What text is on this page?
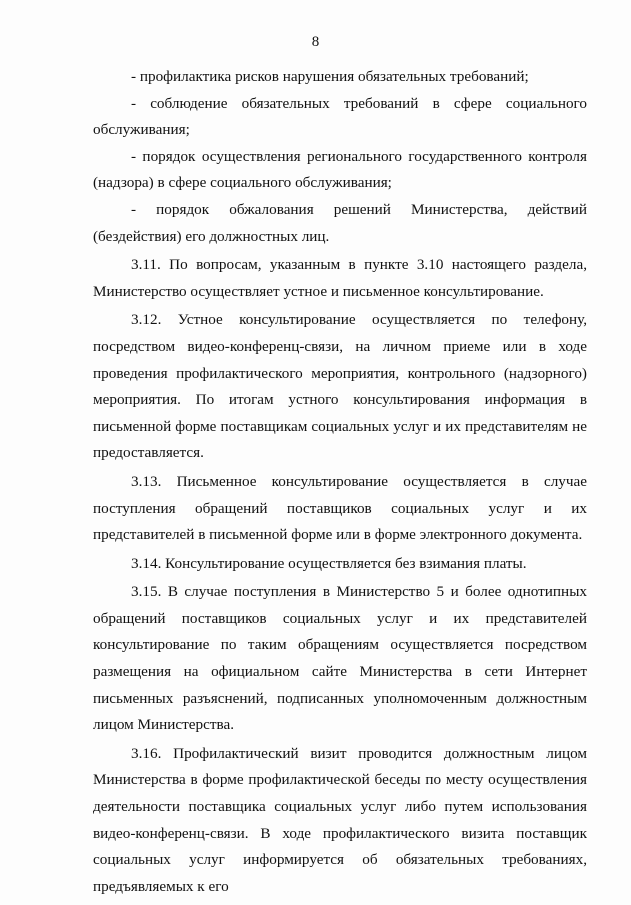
8

- профилактика рисков нарушения обязательных требований;

- соблюдение обязательных требований в сфере социального обслуживания;

- порядок осуществления регионального государственного контроля (надзора) в сфере социального обслуживания;

- порядок обжалования решений Министерства, действий (бездействия) его должностных лиц.

3.11. По вопросам, указанным в пункте 3.10 настоящего раздела, Министерство осуществляет устное и письменное консультирование.

3.12. Устное консультирование осуществляется по телефону, посредством видео-конференц-связи, на личном приеме или в ходе проведения профилактического мероприятия, контрольного (надзорного) мероприятия. По итогам устного консультирования информация в письменной форме поставщикам социальных услуг и их представителям не предоставляется.

3.13. Письменное консультирование осуществляется в случае поступления обращений поставщиков социальных услуг и их представителей в письменной форме или в форме электронного документа.

3.14. Консультирование осуществляется без взимания платы.

3.15. В случае поступления в Министерство 5 и более однотипных обращений поставщиков социальных услуг и их представителей консультирование по таким обращениям осуществляется посредством размещения на официальном сайте Министерства в сети Интернет письменных разъяснений, подписанных уполномоченным должностным лицом Министерства.

3.16. Профилактический визит проводится должностным лицом Министерства в форме профилактической беседы по месту осуществления деятельности поставщика социальных услуг либо путем использования видео-конференц-связи. В ходе профилактического визита поставщик социальных услуг информируется об обязательных требованиях, предъявляемых к его
